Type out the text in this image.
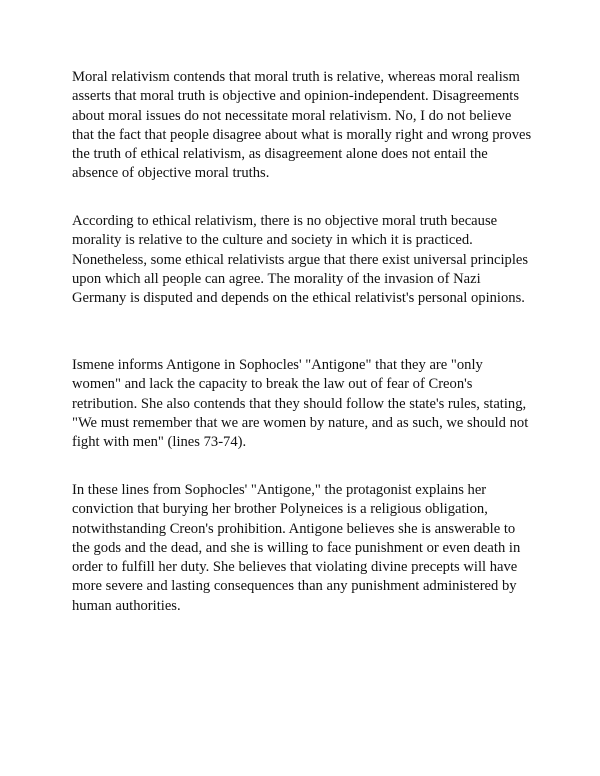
Moral relativism contends that moral truth is relative, whereas moral realism asserts that moral truth is objective and opinion-independent. Disagreements about moral issues do not necessitate moral relativism. No, I do not believe that the fact that people disagree about what is morally right and wrong proves the truth of ethical relativism, as disagreement alone does not entail the absence of objective moral truths.

According to ethical relativism, there is no objective moral truth because morality is relative to the culture and society in which it is practiced. Nonetheless, some ethical relativists argue that there exist universal principles upon which all people can agree. The morality of the invasion of Nazi Germany is disputed and depends on the ethical relativist's personal opinions.

Ismene informs Antigone in Sophocles' "Antigone" that they are "only women" and lack the capacity to break the law out of fear of Creon's retribution. She also contends that they should follow the state's rules, stating, "We must remember that we are women by nature, and as such, we should not fight with men" (lines 73-74).

In these lines from Sophocles' "Antigone," the protagonist explains her conviction that burying her brother Polyneices is a religious obligation, notwithstanding Creon's prohibition. Antigone believes she is answerable to the gods and the dead, and she is willing to face punishment or even death in order to fulfill her duty. She believes that violating divine precepts will have more severe and lasting consequences than any punishment administered by human authorities.
